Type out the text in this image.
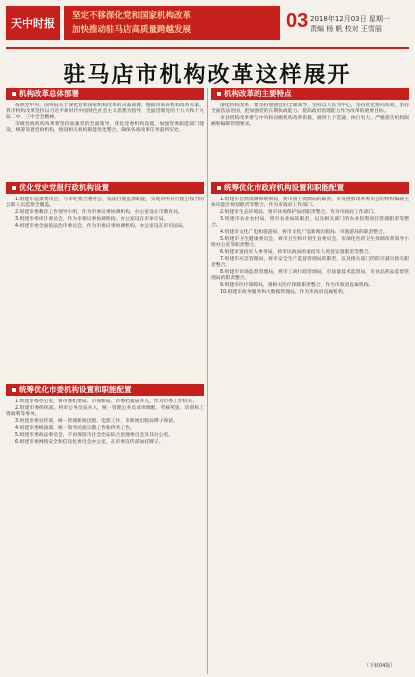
天中时报
坚定不移深化党和国家机构改革
加快推动驻马店高质量跨越发展	03 2018年12月03日 星期一
责编 杨 帆 校对 王雪丽
驻马店市机构改革这样展开
机构改革总体部署

按照党中央、国务院关于深化党和国家机构改革的决策部署，根据河南省机构改革方案，我市机构改革坚持以习近平新时代中国特色社会主义思想为指导，全面贯彻党的十九大和十九届二中、三中全会精神。

市级党政机构改革要坚持加强党的全面领导，优化党委机构设置，加强党委职能部门建设，统筹设置党政机构，推进相关机构职能优化整合，确保各项改革任务落到实处。

机构改革的主要特点

深化机构改革，要坚持加强党的全面领导，坚持以人民为中心，坚持优化协同高效，坚持全面依法治国，把加强党的长期执政能力、提高政府治理能力作为改革的重要目标。

市县机构改革要与中央和省级机构改革衔接，做到上下贯通、执行有力，严格落实机构限额和编制管理要求。

优化党史党报行政机构设置

1.组建市监察委员会，与市纪委合署办公，依法行使监察职能，实现对所有行使公权力的公职人员监察全覆盖。

2.组建市委教育工作领导小组，作为市委议事协调机构，办公室设在市教育局。

3.组建市委审计委员会，作为市委议事协调机构，办公室设在市审计局。

4.组建市委全面依法治市委员会，作为市委议事协调机构，办公室设在市司法局。

统筹优化市委机构设置和职能配置

1.组建市委办公室，将市委机要局、市保密局、市委档案局并入，作为市委工作机关。

2.组建市委组织部，将市公务员局并入，统一管理公务员录用调配、考核奖惩、培训和工资福利等事务。

3.组建市委宣传部，统一管理新闻出版、电影工作，市新闻出版局牌子保留。

4.组建市委统战部，统一领导民族宗教工作和侨务工作。

5.组建市委政法委员会，不再保留市社会治安综合治理委员会及其办公室。

6.组建市委网络安全和信息化委员会办公室，在市委宣传部加挂牌子。

统筹优化市政府机构设置和职能配置

1.组建市自然资源和规划局，将市国土资源局的职责，市发展和改革委员会的组织编制主体功能区规划职责等整合，作为市政府工作部门。

2.组建市生态环境局，将市环境保护局的职责整合，作为市政府工作部门。

3.组建市农业农村局，将市农业局的职责，以及相关部门的农业投资项目管理职责等整合。

4.组建市文化广电和旅游局，将市文化广电新闻出版局、市旅游局的职责整合。

5.组建市卫生健康委员会，将市卫生和计划生育委员会、市深化医药卫生体制改革领导小组办公室等职责整合。

6.组建市退役军人事务局，将市民政局的退役军人优抚安置职责等整合。

7.组建市应急管理局，将市安全生产监督管理局的职责，以及相关部门的防灾减灾救灾职责整合。

8.组建市市场监督管理局，将市工商行政管理局、市质量技术监督局、市食品药品监督管理局的职责整合。

9.组建市医疗保障局，将相关医疗保障职责整合，作为市政府直属机构。

10.组建市政务服务和大数据管理局，作为市政府直属机构。

（下转04版）
